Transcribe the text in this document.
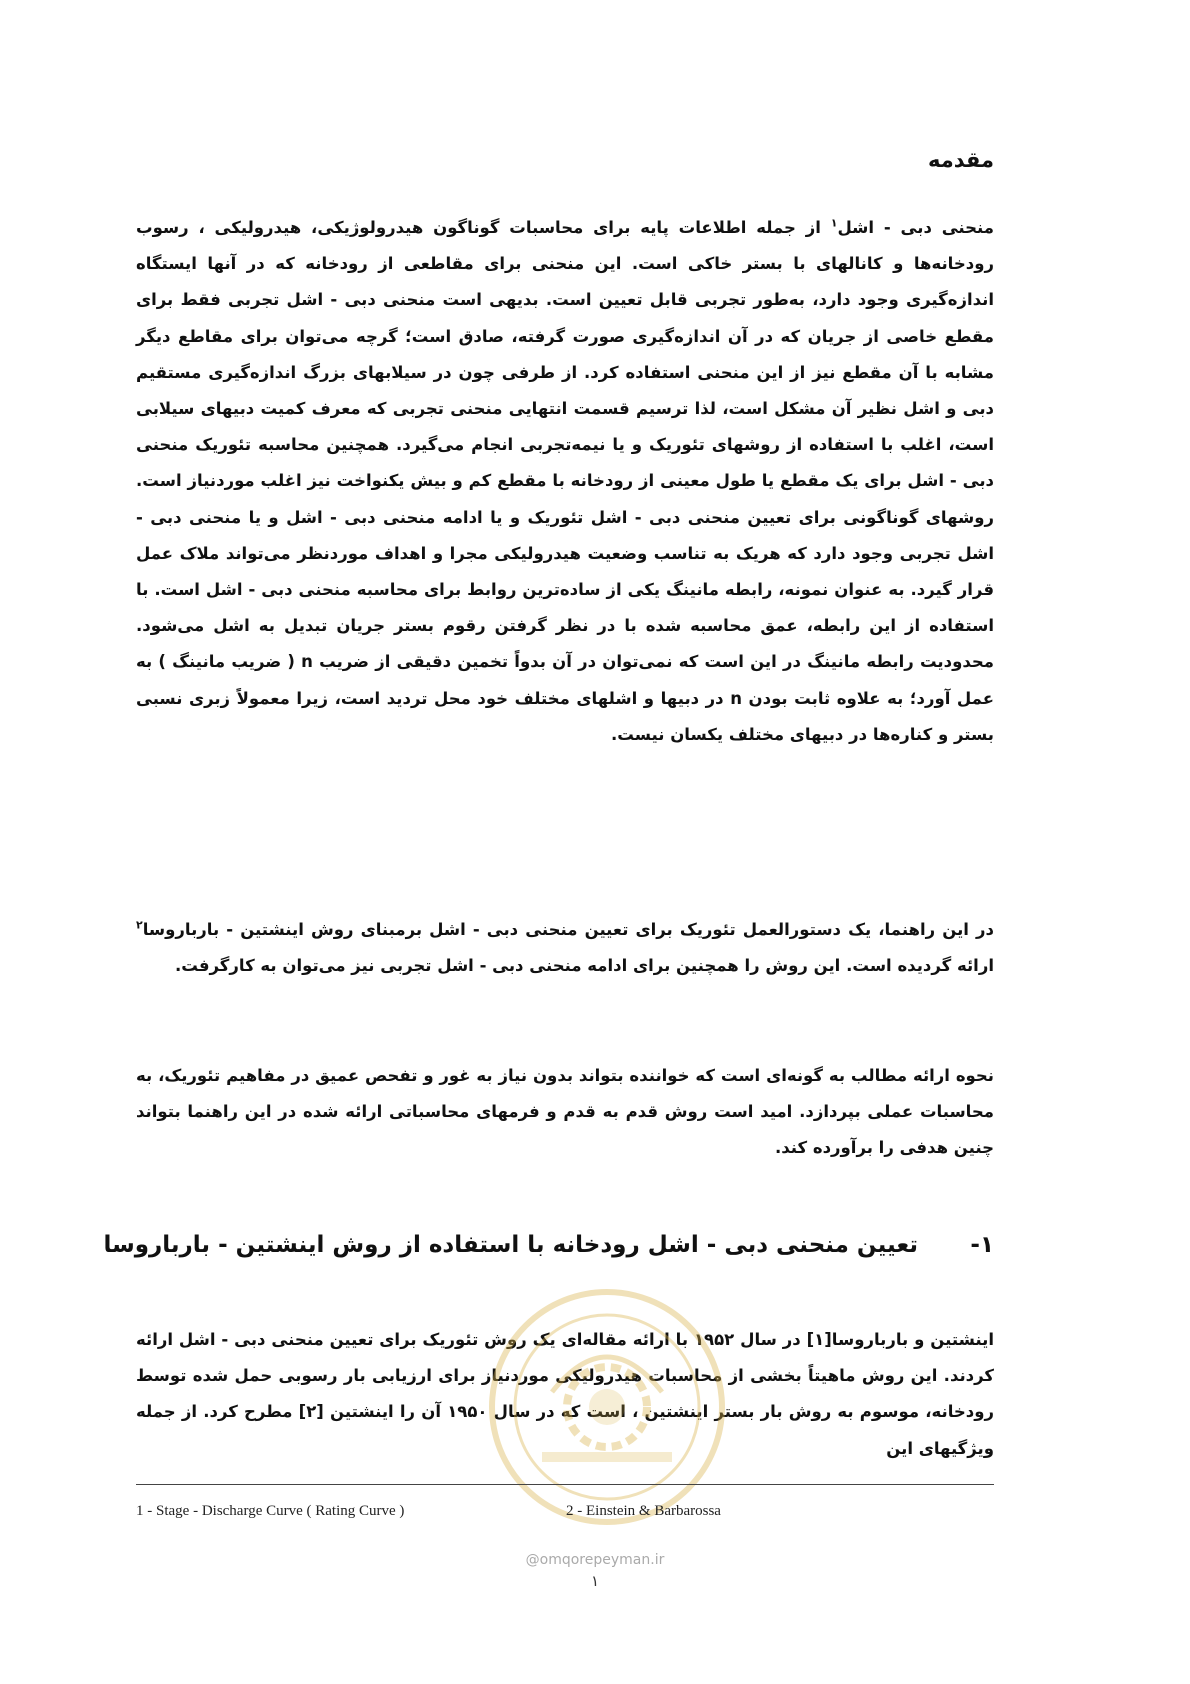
مقدمه
منحنی دبی - اشل$^۱$ از جمله اطلاعات پایه برای محاسبات گوناگون هیدرولوژیکی، هیدرولیکی ، رسوب رودخانه‌ها و کانالهای با بستر خاکی است. این منحنی برای مقاطعی از رودخانه که در آنها ایستگاه اندازه‌گیری وجود دارد، به‌طور تجربی قابل تعیین است. بدیهی است منحنی دبی - اشل تجربی فقط برای مقطع خاصی از جریان که در آن اندازه‌گیری صورت گرفته، صادق است؛ گرچه می‌توان برای مقاطع دیگر مشابه با آن مقطع نیز از این منحنی استفاده کرد. از طرفی چون در سیلابهای بزرگ اندازه‌گیری مستقیم دبی و اشل نظیر آن مشکل است، لذا ترسیم قسمت انتهایی منحنی تجربی که معرف کمیت دبیهای سیلابی است، اغلب با استفاده از روشهای تئوریک و یا نیمه‌تجربی انجام می‌گیرد. همچنین محاسبه تئوریک منحنی دبی - اشل برای یک مقطع یا طول معینی از رودخانه با مقطع کم و بیش یکنواخت نیز اغلب موردنیاز است. روشهای گوناگونی برای تعیین منحنی دبی - اشل تئوریک و یا ادامه منحنی دبی - اشل و یا منحنی دبی - اشل تجربی وجود دارد که هریک به تناسب وضعیت هیدرولیکی مجرا و اهداف موردنظر می‌تواند ملاک عمل قرار گیرد. به عنوان نمونه، رابطه مانینگ یکی از ساده‌ترین روابط برای محاسبه منحنی دبی - اشل است. با استفاده از این رابطه، عمق محاسبه شده با در نظر گرفتن رقوم بستر جریان تبدیل به اشل می‌شود. محدودیت رابطه مانینگ در این است که نمی‌توان در آن بدواً تخمین دقیقی از ضریب n ( ضریب مانینگ ) به عمل آورد؛ به علاوه ثابت بودن n در دبیها و اشلهای مختلف خود محل تردید است، زیرا معمولاً زبری نسبی بستر و کناره‌ها در دبیهای مختلف یکسان نیست.
در این راهنما، یک دستورالعمل تئوریک برای تعیین منحنی دبی - اشل برمبنای روش اینشتین - بارباروسا$^۲$ ارائه گردیده است. این روش را همچنین برای ادامه منحنی دبی - اشل تجربی نیز می‌توان به کارگرفت.
نحوه ارائه مطالب به گونه‌ای است که خواننده بتواند بدون نیاز به غور و تفحص عمیق در مفاهیم تئوریک، به محاسبات عملی بپردازد. امید است روش قدم به قدم و فرمهای محاسباتی ارائه شده در این راهنما بتواند چنین هدفی را برآورده کند.
۱-
تعیین منحنی دبی - اشل رودخانه با استفاده از روش اینشتین - بارباروسا
اینشتین و بارباروسا[۱] در سال ۱۹۵۲ با ارائه مقاله‌ای یک روش تئوریک برای تعیین منحنی دبی - اشل ارائه کردند. این روش ماهیتاً بخشی از محاسبات هیدرولیکی موردنیاز برای ارزیابی بار رسوبی حمل شده توسط رودخانه، موسوم به روش بار بستر اینشتین ، است که در سال ۱۹۵۰ آن را اینشتین [۲] مطرح کرد. از جمله ویژگیهای این
1 - Stage - Discharge Curve ( Rating Curve )	2 - Einstein & Barbarossa
@omqorepeyman.ir
۱
